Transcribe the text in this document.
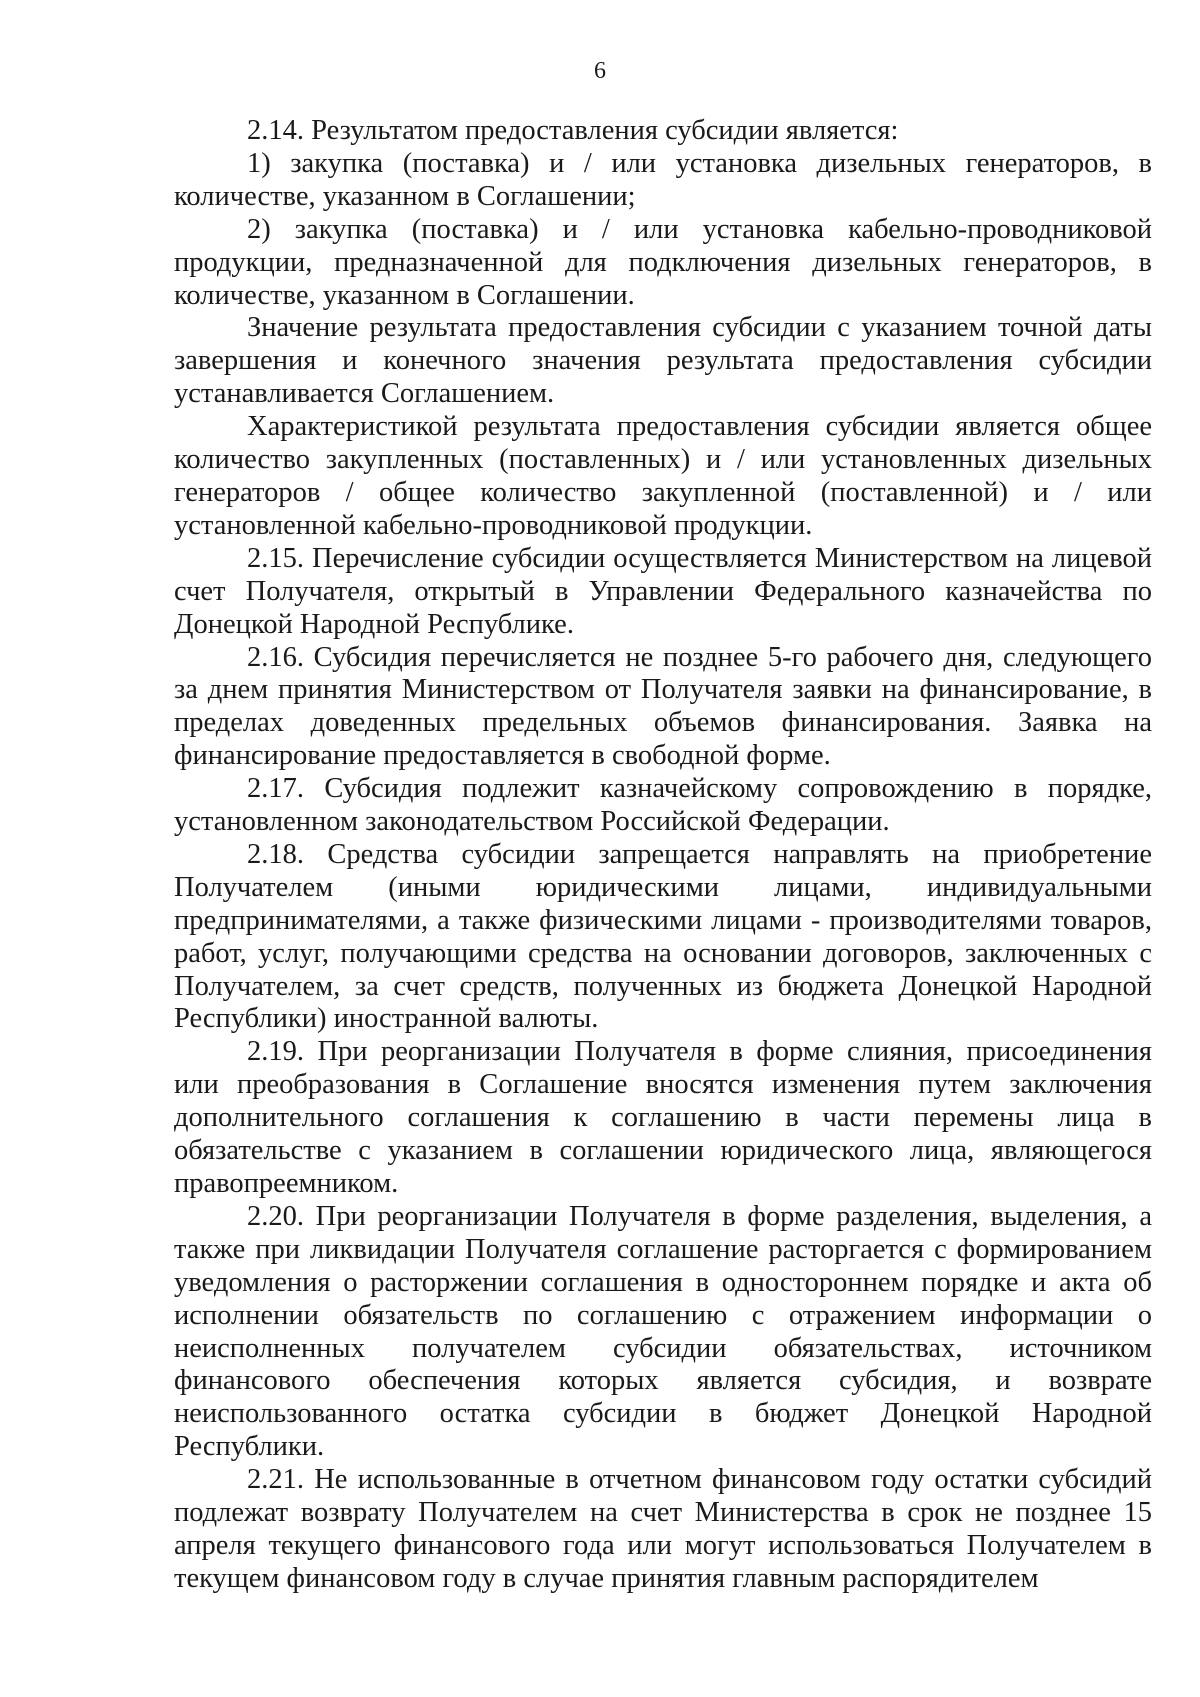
6

2.14. Результатом предоставления субсидии является:

1) закупка (поставка) и / или установка дизельных генераторов, в количестве, указанном в Соглашении;

2) закупка (поставка) и / или установка кабельно-проводниковой продукции, предназначенной для подключения дизельных генераторов, в количестве, указанном в Соглашении.

Значение результата предоставления субсидии с указанием точной даты завершения и конечного значения результата предоставления субсидии устанавливается Соглашением.

Характеристикой результата предоставления субсидии является общее количество закупленных (поставленных) и / или установленных дизельных генераторов / общее количество закупленной (поставленной) и / или установленной кабельно-проводниковой продукции.

2.15. Перечисление субсидии осуществляется Министерством на лицевой счет Получателя, открытый в Управлении Федерального казначейства по Донецкой Народной Республике.

2.16. Субсидия перечисляется не позднее 5-го рабочего дня, следующего за днем принятия Министерством от Получателя заявки на финансирование, в пределах доведенных предельных объемов финансирования. Заявка на финансирование предоставляется в свободной форме.

2.17. Субсидия подлежит казначейскому сопровождению в порядке, установленном законодательством Российской Федерации.

2.18. Средства субсидии запрещается направлять на приобретение Получателем (иными юридическими лицами, индивидуальными предпринимателями, а также физическими лицами - производителями товаров, работ, услуг, получающими средства на основании договоров, заключенных с Получателем, за счет средств, полученных из бюджета Донецкой Народной Республики) иностранной валюты.

2.19. При реорганизации Получателя в форме слияния, присоединения или преобразования в Соглашение вносятся изменения путем заключения дополнительного соглашения к соглашению в части перемены лица в обязательстве с указанием в соглашении юридического лица, являющегося правопреемником.

2.20. При реорганизации Получателя в форме разделения, выделения, а также при ликвидации Получателя соглашение расторгается с формированием уведомления о расторжении соглашения в одностороннем порядке и акта об исполнении обязательств по соглашению с отражением информации о неисполненных получателем субсидии обязательствах, источником финансового обеспечения которых является субсидия, и возврате неиспользованного остатка субсидии в бюджет Донецкой Народной Республики.

2.21. Не использованные в отчетном финансовом году остатки субсидий подлежат возврату Получателем на счет Министерства в срок не позднее 15 апреля текущего финансового года или могут использоваться Получателем в текущем финансовом году в случае принятия главным распорядителем
